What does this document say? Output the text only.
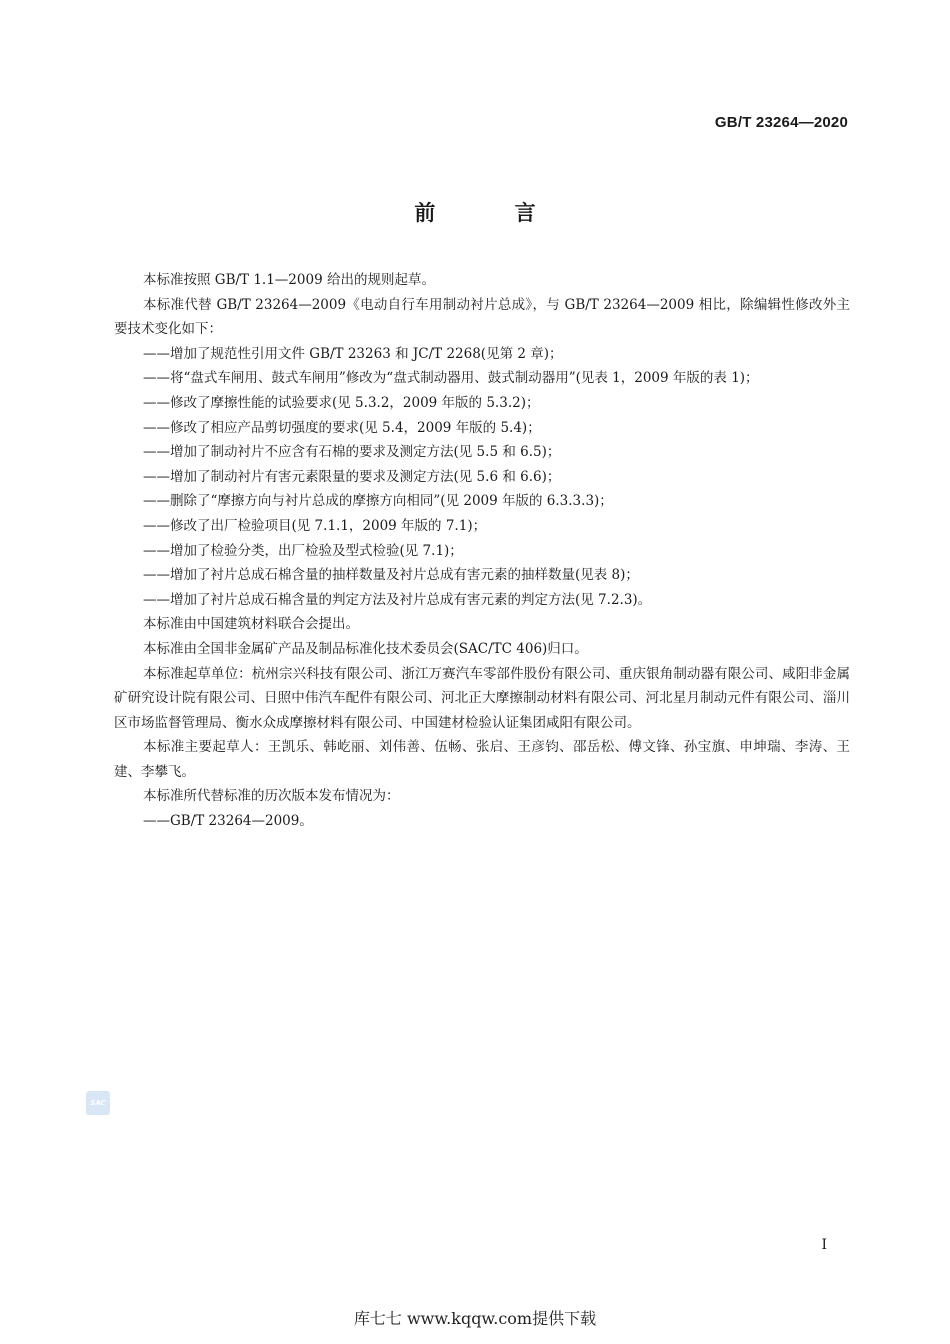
GB/T 23264—2020
前 言

本标准按照 GB/T 1.1—2009 给出的规则起草。

本标准代替 GB/T 23264—2009《电动自行车用制动衬片总成》，与 GB/T 23264—2009 相比，除编辑性修改外主要技术变化如下：

——增加了规范性引用文件 GB/T 23263 和 JC/T 2268(见第 2 章)；

——将“盘式车闸用、鼓式车闸用”修改为“盘式制动器用、鼓式制动器用”(见表 1，2009 年版的表 1)；

——修改了摩擦性能的试验要求(见 5.3.2，2009 年版的 5.3.2)；

——修改了相应产品剪切强度的要求(见 5.4，2009 年版的 5.4)；

——增加了制动衬片不应含有石棉的要求及测定方法(见 5.5 和 6.5)；

——增加了制动衬片有害元素限量的要求及测定方法(见 5.6 和 6.6)；

——删除了“摩擦方向与衬片总成的摩擦方向相同”(见 2009 年版的 6.3.3.3)；

——修改了出厂检验项目(见 7.1.1，2009 年版的 7.1)；

——增加了检验分类，出厂检验及型式检验(见 7.1)；

——增加了衬片总成石棉含量的抽样数量及衬片总成有害元素的抽样数量(见表 8)；

——增加了衬片总成石棉含量的判定方法及衬片总成有害元素的判定方法(见 7.2.3)。

本标准由中国建筑材料联合会提出。

本标准由全国非金属矿产品及制品标准化技术委员会(SAC/TC 406)归口。

本标准起草单位：杭州宗兴科技有限公司、浙江万赛汽车零部件股份有限公司、重庆银角制动器有限公司、咸阳非金属矿研究设计院有限公司、日照中伟汽车配件有限公司、河北正大摩擦制动材料有限公司、河北星月制动元件有限公司、淄川区市场监督管理局、衡水众成摩擦材料有限公司、中国建材检验认证集团咸阳有限公司。

本标准主要起草人：王凯乐、韩屹丽、刘伟善、伍畅、张启、王彦钧、邵岳松、傅文锋、孙宝旗、申坤瑞、李涛、王建、李攀飞。

本标准所代替标准的历次版本发布情况为：

——GB/T 23264—2009。

SAC
I
库七七 www.kqqw.com提供下载
